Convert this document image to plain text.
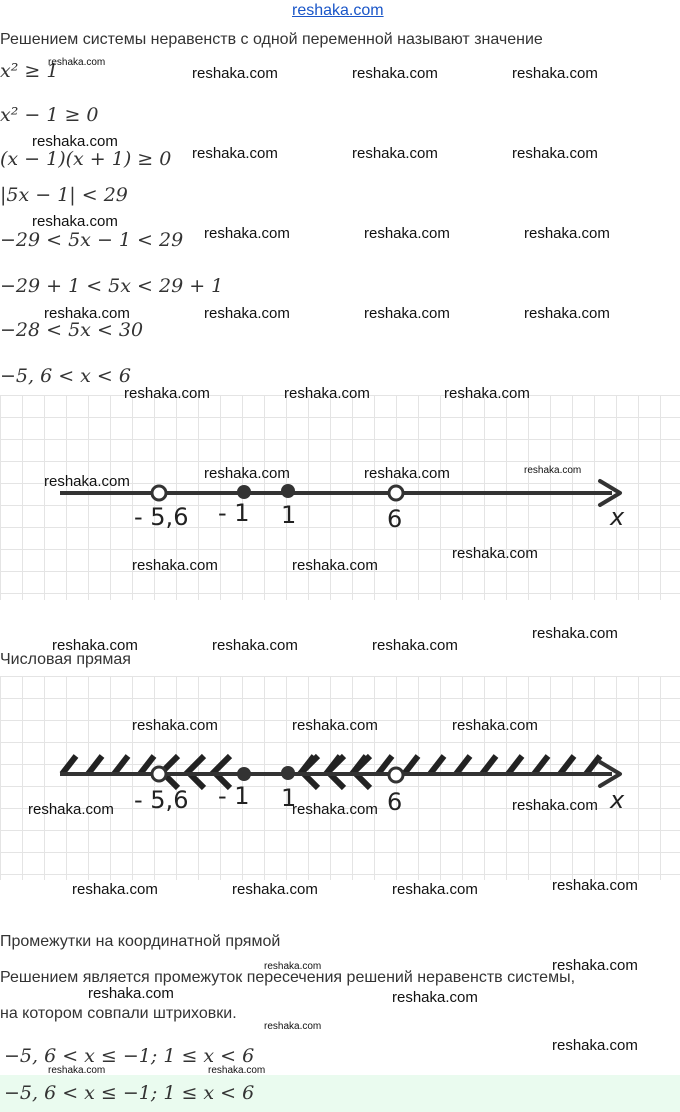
reshaka.com
Решением системы неравенств с одной переменной называют значение
x² ≥ 1
x² − 1 ≥ 0
(x − 1)(x + 1) ≥ 0
|5x − 1| < 29
−29 < 5x − 1 < 29
−29 + 1 < 5x < 29 + 1
−28 < 5x < 30
−5, 6 < x < 6
- 5,6 - 1 1	6	x
Числовая прямая
- 5,6 - 1 1	6	x
Промежутки на координатной прямой
Решением является промежуток пересечения решений неравенств системы,
на котором совпали штриховки.
−5, 6 < x ≤ −1; 1 ≤ x < 6
−5, 6 < x ≤ −1; 1 ≤ x < 6
reshaka.com
reshaka.com	reshaka.com	reshaka.com
reshaka.com
reshaka.com	reshaka.com	reshaka.com
reshaka.com
reshaka.com	reshaka.com	reshaka.com
reshaka.com	reshaka.com	reshaka.com	reshaka.com
reshaka.com	reshaka.com	reshaka.com
reshaka.com	reshaka.com	reshaka.com	reshaka.com
reshaka.com
reshaka.com	reshaka.com
reshaka.com
reshaka.com	reshaka.com	reshaka.com
reshaka.com	reshaka.com	reshaka.com
reshaka.com	reshaka.com	reshaka.com
reshaka.com	reshaka.com	reshaka.com	reshaka.com
reshaka.com	reshaka.com
reshaka.com	reshaka.com
reshaka.com
reshaka.com
reshaka.com	reshaka.com
